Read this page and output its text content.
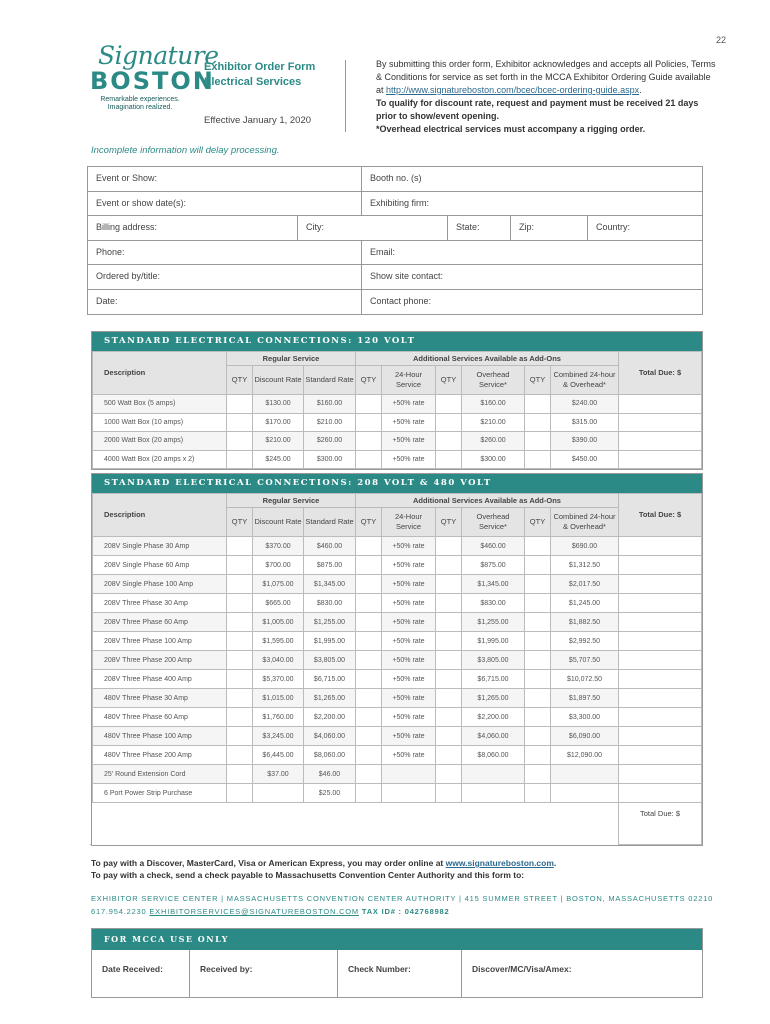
22
Signature
BOSTON
Remarkable experiences.
Imagination realized.
Exhibitor Order Form
Electrical Services
Effective January 1, 2020
By submitting this order form, Exhibitor acknowledges and accepts all Policies, Terms & Conditions for service as set forth in the MCCA Exhibitor Ordering Guide available at http://www.signatureboston.com/bcec/bcec-ordering-guide.aspx.
To qualify for discount rate, request and payment must be received 21 days prior to show/event opening.
*Overhead electrical services must accompany a rigging order.
Incomplete information will delay processing.
Event or Show:	Booth no. (s)
Event or show date(s):	Exhibiting firm:
Billing address:	City:	State:	Zip:	Country:
Phone:	Email:
Ordered by/title:	Show site contact:
Date:	Contact phone:
STANDARD ELECTRICAL CONNECTIONS: 120 VOLT
Description	Regular Service			Additional Services Available as Add-Ons						Total Due: $
	QTY	Discount Rate	Standard Rate	QTY	24-Hour Service	QTY	Overhead Service*	QTY	Combined 24-hour & Overhead*	
500 Watt Box (5 amps)		$130.00	$160.00		+50% rate		$160.00		$240.00	
1000 Watt Box (10 amps)		$170.00	$210.00		+50% rate		$210.00		$315.00	
2000 Watt Box (20 amps)		$210.00	$260.00		+50% rate		$260.00		$390.00	
4000 Watt Box (20 amps x 2)		$245.00	$300.00		+50% rate		$300.00		$450.00	
STANDARD ELECTRICAL CONNECTIONS: 208 VOLT & 480 VOLT
Description	Regular Service			Additional Services Available as Add-Ons						Total Due: $
	QTY	Discount Rate	Standard Rate	QTY	24-Hour Service	QTY	Overhead Service*	QTY	Combined 24-hour & Overhead*	
208V Single Phase 30 Amp		$370.00	$460.00		+50% rate		$460.00		$690.00	
208V Single Phase 60 Amp		$700.00	$875.00		+50% rate		$875.00		$1,312.50	
208V Single Phase 100 Amp		$1,075.00	$1,345.00		+50% rate		$1,345.00		$2,017.50	
208V Three Phase 30 Amp		$665.00	$830.00		+50% rate		$830.00		$1,245.00	
208V Three Phase 60 Amp		$1,005.00	$1,255.00		+50% rate		$1,255.00		$1,882.50	
208V Three Phase 100 Amp		$1,595.00	$1,995.00		+50% rate		$1,995.00		$2,992.50	
208V Three Phase 200 Amp		$3,040.00	$3,805.00		+50% rate		$3,805.00		$5,707.50	
208V Three Phase 400 Amp		$5,370.00	$6,715.00		+50% rate		$6,715.00		$10,072.50	
480V Three Phase 30 Amp		$1,015.00	$1,265.00		+50% rate		$1,265.00		$1,897.50	
480V Three Phase 60 Amp		$1,760.00	$2,200.00		+50% rate		$2,200.00		$3,300.00	
480V Three Phase 100 Amp		$3,245.00	$4,060.00		+50% rate		$4,060.00		$6,090.00	
480V Three Phase 200 Amp		$6,445.00	$8,060.00		+50% rate		$8,060.00		$12,090.00	
25' Round Extension Cord		$37.00	$46.00							
6 Port Power Strip Purchase			$25.00							
										Total Due: $
.
To pay with a Discover, MasterCard, Visa or American Express, you may order online at www.signatureboston.com.
To pay with a check, send a check payable to Massachusetts Convention Center Authority and this form to:
EXHIBITOR SERVICE CENTER | MASSACHUSETTS CONVENTION CENTER AUTHORITY | 415 SUMMER STREET | BOSTON, MASSACHUSETTS 02210
617.954.2230 EXHIBITORSERVICES@SIGNATUREBOSTON.COM TAX ID# : 042768982
FOR MCCA USE ONLY
Date Received:	Received by:	Check Number:	Discover/MC/Visa/Amex:
